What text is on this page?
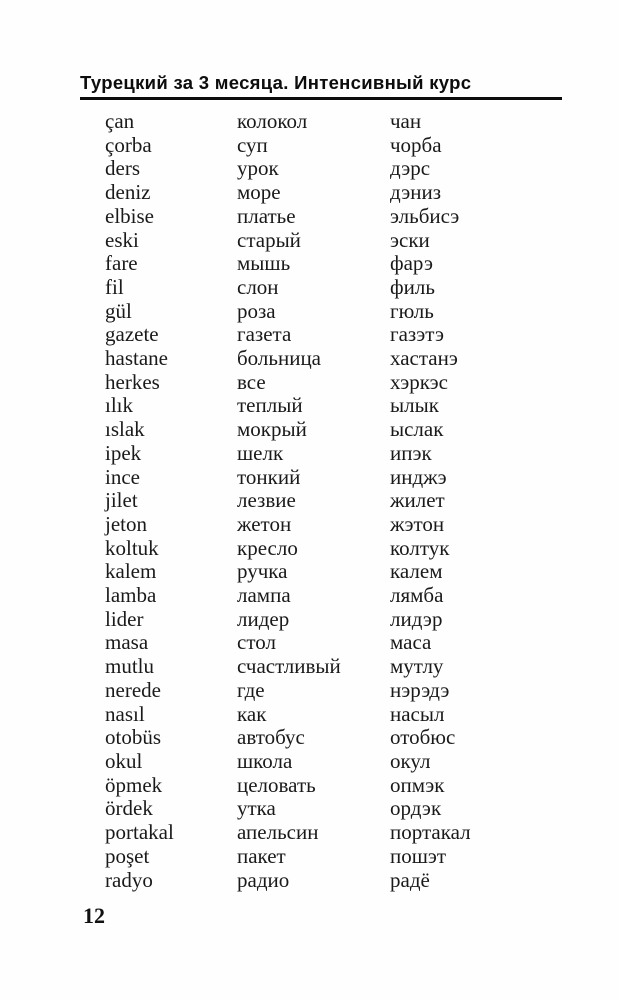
Турецкий за 3 месяца. Интенсивный курс
çan	колокол	чан
çorba	суп	чорба
ders	урок	дэрс
deniz	море	дэниз
elbise	платье	эльбисэ
eski	старый	эски
fare	мышь	фарэ
fil	слон	филь
gül	роза	гюль
gazete	газета	газэтэ
hastane	больница	хастанэ
herkes	все	хэркэс
ılık	теплый	ылык
ıslak	мокрый	ыслак
ipek	шелк	ипэк
ince	тонкий	инджэ
jilet	лезвие	жилет
jeton	жетон	жэтон
koltuk	кресло	колтук
kalem	ручка	калем
lamba	лампа	лямба
lider	лидер	лидэр
masa	стол	маса
mutlu	счастливый	мутлу
nerede	где	нэрэдэ
nasıl	как	насыл
otobüs	автобус	отобюс
okul	школа	окул
öpmek	целовать	опмэк
ördek	утка	ордэк
portakal	апельсин	портакал
poşet	пакет	пошэт
radyo	радио	радё
12
